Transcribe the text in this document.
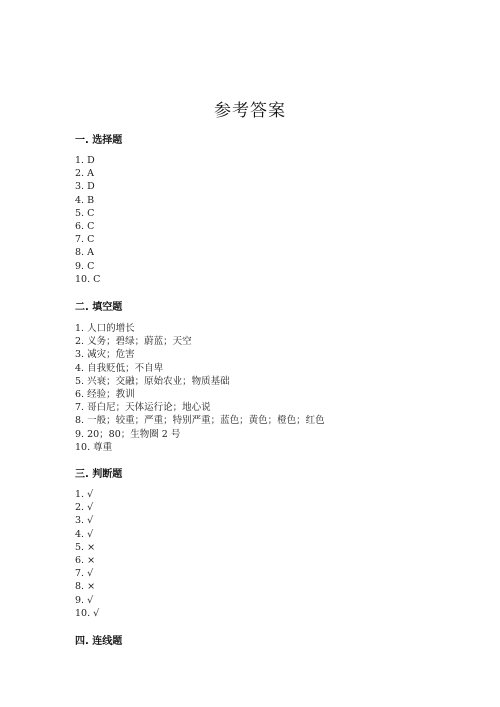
参考答案
一. 选择题
1. D
2. A
3. D
4. B
5. C
6. C
7. C
8. A
9. C
10. C
二. 填空题
1. 人口的增长
2. 义务；碧绿；蔚蓝；天空
3. 减灾；危害
4. 自我贬低；不自卑
5. 兴衰；交融；原始农业；物质基础
6. 经验；教训
7. 哥白尼；天体运行论；地心说
8. 一般；较重；严重；特别严重；蓝色；黄色；橙色；红色
9. 20；80；生物圈 2 号
10. 尊重
三. 判断题
1. √
2. √
3. √
4. √
5. ×
6. ×
7. √
8. ×
9. √
10. √
四. 连线题
